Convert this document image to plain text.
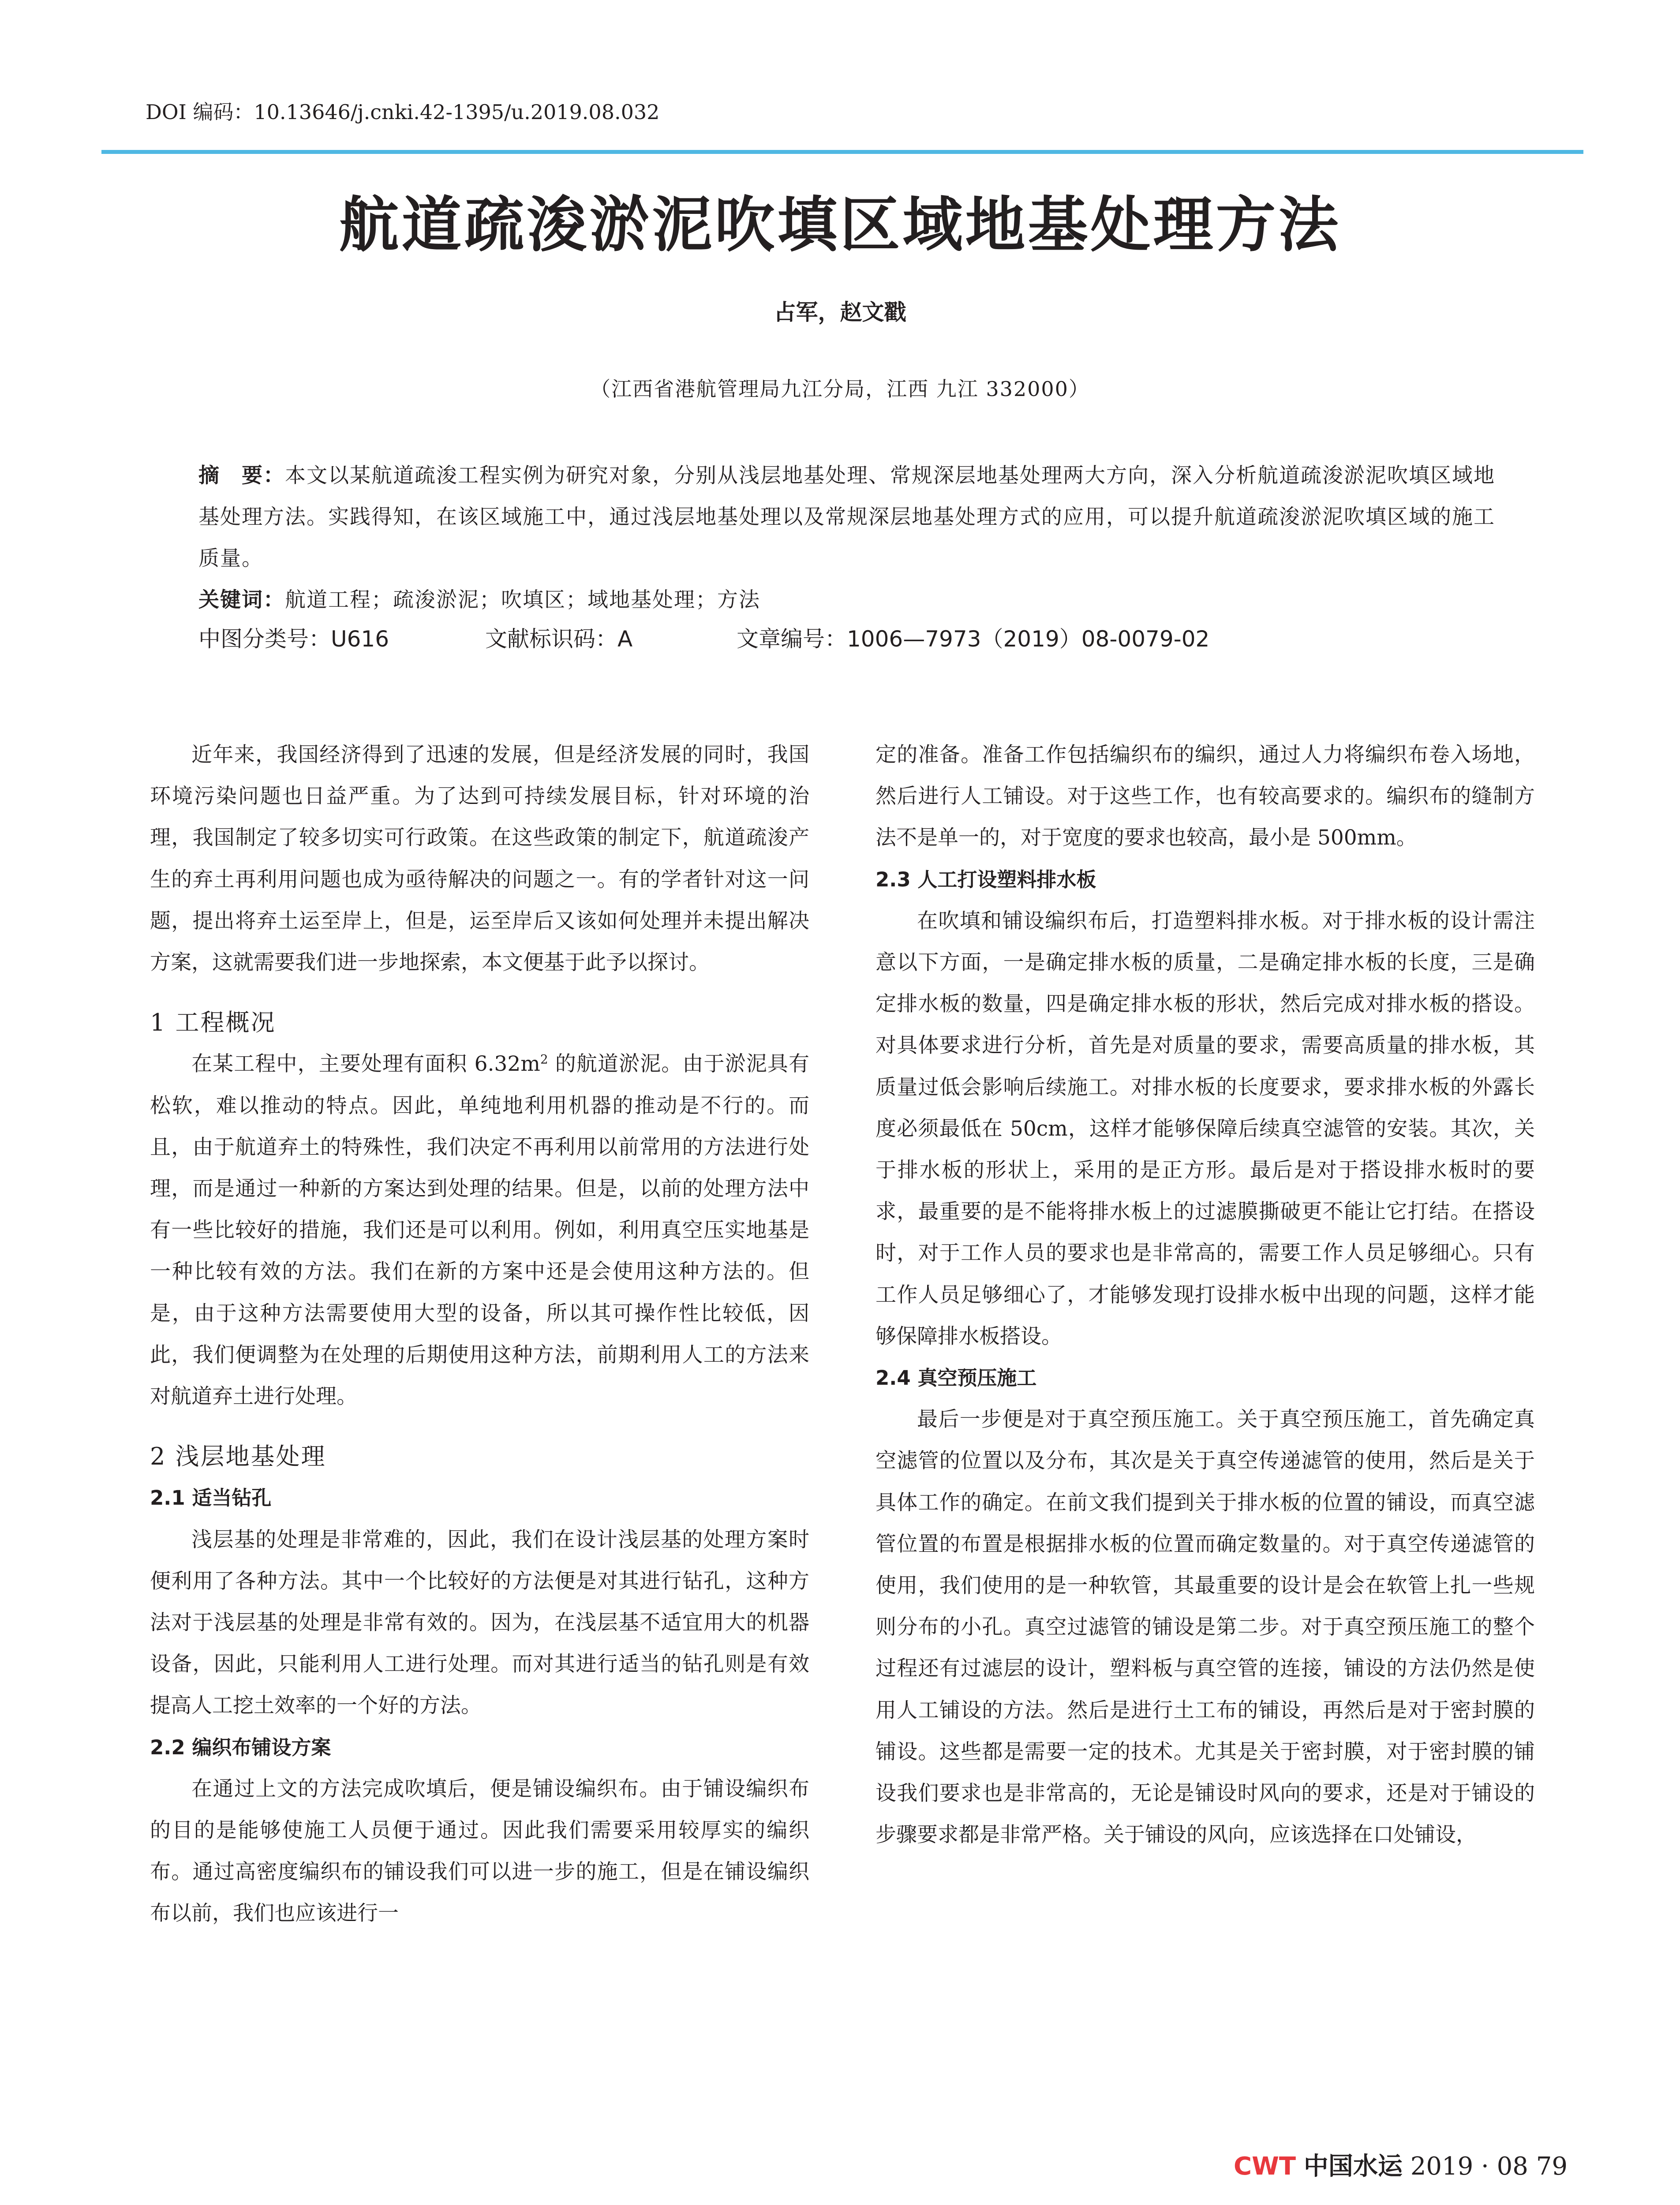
DOI 编码：10.13646/j.cnki.42-1395/u.2019.08.032
航道疏浚淤泥吹填区域地基处理方法
占军，赵文戳
（江西省港航管理局九江分局，江西 九江 332000）
摘　要：本文以某航道疏浚工程实例为研究对象，分别从浅层地基处理、常规深层地基处理两大方向，深入分析航道疏浚淤泥吹填区域地基处理方法。实践得知，在该区域施工中，通过浅层地基处理以及常规深层地基处理方式的应用，可以提升航道疏浚淤泥吹填区域的施工质量。
关键词：航道工程；疏浚淤泥；吹填区；域地基处理；方法
中图分类号：U616	文献标识码：A	文章编号：1006—7973（2019）08-0079-02

近年来，我国经济得到了迅速的发展，但是经济发展的同时，我国环境污染问题也日益严重。为了达到可持续发展目标，针对环境的治理，我国制定了较多切实可行政策。在这些政策的制定下，航道疏浚产生的弃土再利用问题也成为亟待解决的问题之一。有的学者针对这一问题，提出将弃土运至岸上，但是，运至岸后又该如何处理并未提出解决方案，这就需要我们进一步地探索，本文便基于此予以探讨。

1 工程概况

在某工程中，主要处理有面积 $6.32m^2$ 的航道淤泥。由于淤泥具有松软，难以推动的特点。因此，单纯地利用机器的推动是不行的。而且，由于航道弃土的特殊性，我们决定不再利用以前常用的方法进行处理，而是通过一种新的方案达到处理的结果。但是，以前的处理方法中有一些比较好的措施，我们还是可以利用。例如，利用真空压实地基是一种比较有效的方法。我们在新的方案中还是会使用这种方法的。但是，由于这种方法需要使用大型的设备，所以其可操作性比较低，因此，我们便调整为在处理的后期使用这种方法，前期利用人工的方法来对航道弃土进行处理。

2 浅层地基处理
2.1 适当钻孔

浅层基的处理是非常难的，因此，我们在设计浅层基的处理方案时便利用了各种方法。其中一个比较好的方法便是对其进行钻孔，这种方法对于浅层基的处理是非常有效的。因为，在浅层基不适宜用大的机器设备，因此，只能利用人工进行处理。而对其进行适当的钻孔则是有效提高人工挖土效率的一个好的方法。

2.2 编织布铺设方案

在通过上文的方法完成吹填后，便是铺设编织布。由于铺设编织布的目的是能够使施工人员便于通过。因此我们需要采用较厚实的编织布。通过高密度编织布的铺设我们可以进一步的施工，但是在铺设编织布以前，我们也应该进行一

定的准备。准备工作包括编织布的编织，通过人力将编织布卷入场地，然后进行人工铺设。对于这些工作，也有较高要求的。编织布的缝制方法不是单一的，对于宽度的要求也较高，最小是 500mm。

2.3 人工打设塑料排水板

在吹填和铺设编织布后，打造塑料排水板。对于排水板的设计需注意以下方面，一是确定排水板的质量，二是确定排水板的长度，三是确定排水板的数量，四是确定排水板的形状，然后完成对排水板的搭设。对具体要求进行分析，首先是对质量的要求，需要高质量的排水板，其质量过低会影响后续施工。对排水板的长度要求，要求排水板的外露长度必须最低在 50cm，这样才能够保障后续真空滤管的安装。其次，关于排水板的形状上，采用的是正方形。最后是对于搭设排水板时的要求，最重要的是不能将排水板上的过滤膜撕破更不能让它打结。在搭设时，对于工作人员的要求也是非常高的，需要工作人员足够细心。只有工作人员足够细心了，才能够发现打设排水板中出现的问题，这样才能够保障排水板搭设。

2.4 真空预压施工

最后一步便是对于真空预压施工。关于真空预压施工，首先确定真空滤管的位置以及分布，其次是关于真空传递滤管的使用，然后是关于具体工作的确定。在前文我们提到关于排水板的位置的铺设，而真空滤管位置的布置是根据排水板的位置而确定数量的。对于真空传递滤管的使用，我们使用的是一种软管，其最重要的设计是会在软管上扎一些规则分布的小孔。真空过滤管的铺设是第二步。对于真空预压施工的整个过程还有过滤层的设计，塑料板与真空管的连接，铺设的方法仍然是使用人工铺设的方法。然后是进行土工布的铺设，再然后是对于密封膜的铺设。这些都是需要一定的技术。尤其是关于密封膜，对于密封膜的铺设我们要求也是非常高的，无论是铺设时风向的要求，还是对于铺设的步骤要求都是非常严格。关于铺设的风向，应该选择在口处铺设，

CWT 中国水运 2019 · 08 79
